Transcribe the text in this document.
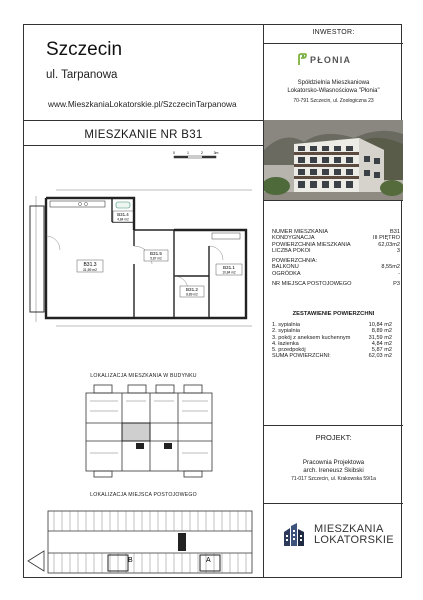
Szczecin
ul. Tarpanowa
www.MieszkaniaLokatorskie.pl/SzczecinTarpanowa
MIESZKANIE NR B31
INWESTOR:
PŁONIA
Spółdzielnia Mieszkaniowa
Lokatorsko-Własnościowa "Płonia"
70-791 Szczecin, ul. Zoologiczna 23
NUMER MIESZKANIA	B31
KONDYGNACJA	III PIĘTRO
POWIERZCHNIA MIESZKANIA	62,03m2
LICZBA POKOI	3
POWIERZCHNIA:
BALKONU	8,55m2
OGRÓDKA	-
NR MIEJSCA POSTOJOWEGO	P3
ZESTAWIENIE POWIERZCHNI
1. sypialnia	10,84 m2
2. sypialnia	8,89 m2
3. pokój z aneksem kuchennym	31,59 m2
4. łazienka	4,84 m2
5. przedpokój	5,87 m2
SUMA POWIERZCHNI:	62,03 m2
PROJEKT:
Pracownia Projektowa
arch. Ireneusz Skibski
71-017 Szczecin, ul. Krakowska 59/1a
MIESZKANIA
LOKATORSKIE
0	1	2	3m
B31.3
31,59 m2
B31.4
4,84 m2
B31.5
5,87 m2
B31.2
8,89 m2
B31.1
10,84 m2
LOKALIZACJA MIESZKANIA W BUDYNKU
LOKALIZACJA MIEJSCA POSTOJOWEGO
B	A
